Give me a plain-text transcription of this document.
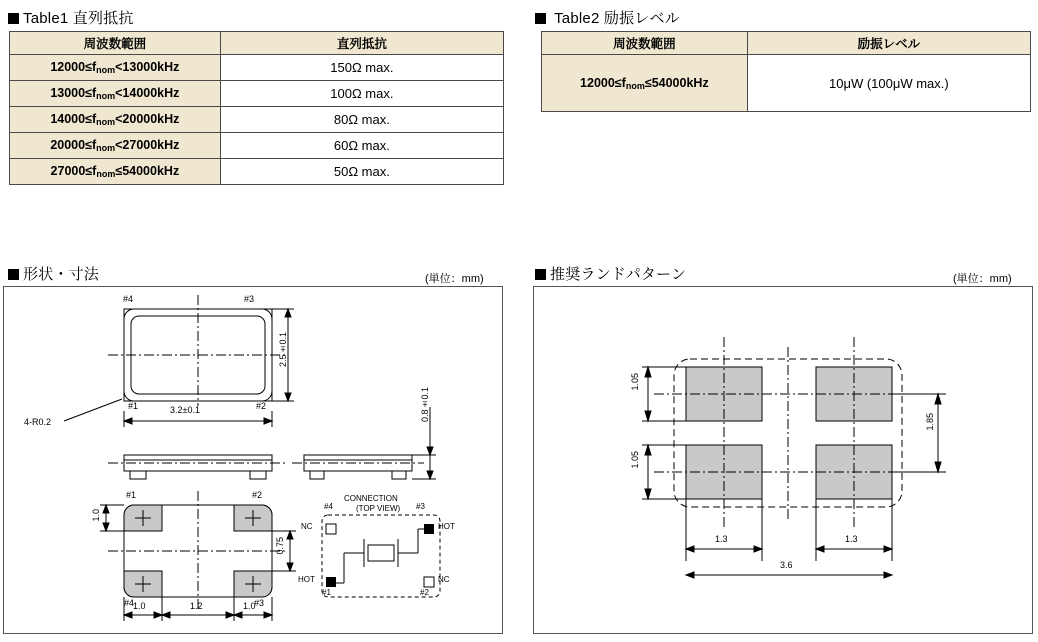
Table1 直列抵抗
周波数範囲	直列抵抗
$12000\le f_{nom}<13000kHz$	150Ω max.
$13000\le f_{nom}<14000kHz$	100Ω max.
$14000\le f_{nom}<20000kHz$	80Ω max.
$20000\le f_{nom}<27000kHz$	60Ω max.
$27000\le f_{nom}\le 54000kHz$	50Ω max.
Table2 励振レベル
周波数範囲	励振レベル
$12000\le f_{nom}\le 54000kHz$	10μW (100μW max.)
形状・寸法	(単位：mm)
#4	#3
#1	#2
3.2±0.1
2.5±0.1
4-R0.2	0.8±0.1
#1	#2
#4	#3
1.0
0.75
1.0	1.2	1.0
CONNECTION
(TOP VIEW)
#4	#3
#1	#2
NC	HOT
HOT	NC
推奨ランドパターン	(単位：mm)
1.05
1.05
1.85
1.3	1.3
3.6
